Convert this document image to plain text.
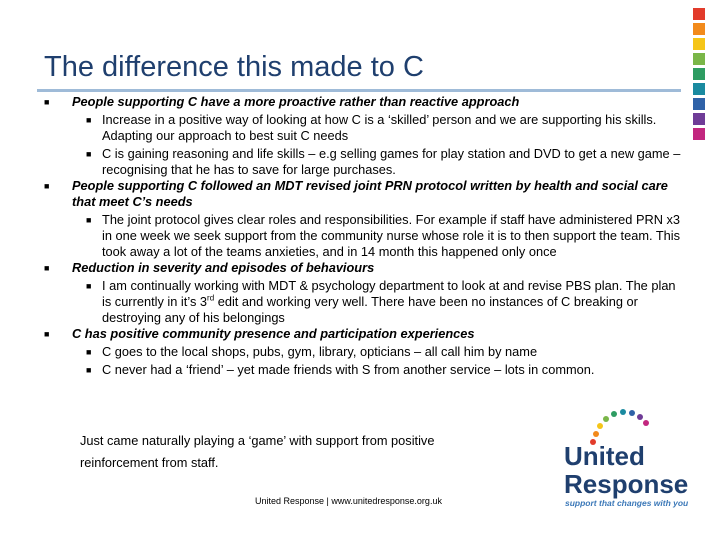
The difference this made to C
■ People supporting C have a more proactive rather than reactive approach
■ Increase in a positive way of looking at how C is a ‘skilled’ person and we are supporting his skills. Adapting our approach to best suit C needs
■ C is gaining reasoning and life skills – e.g selling games for play station and DVD to get a new game – recognising that he has to save for large purchases.
■ People supporting C followed an MDT revised joint PRN protocol written by health and social care that meet C’s needs
■ The joint protocol gives clear roles and responsibilities. For example if staff have administered PRN x3 in one week we seek support from the community nurse whose role it is to then support the team. This took away a lot of the teams anxieties, and in 14 month this happened only once
■ Reduction in severity and episodes of behaviours
■ I am continually working with MDT & psychology department to look at and revise PBS plan. The plan is currently in it’s 3rd edit and working very well. There have been no instances of C breaking or destroying any of his belongings
■ C has positive community presence and participation experiences
■ C goes to the local shops, pubs, gym, library, opticians – all call him by name
■ C never had a ‘friend’ – yet made friends with S from another service – lots in common.
Just came naturally playing a ‘game’ with support from positive
reinforcement from staff.
United Response | www.unitedresponse.org.uk
United
Response
support that changes with you
